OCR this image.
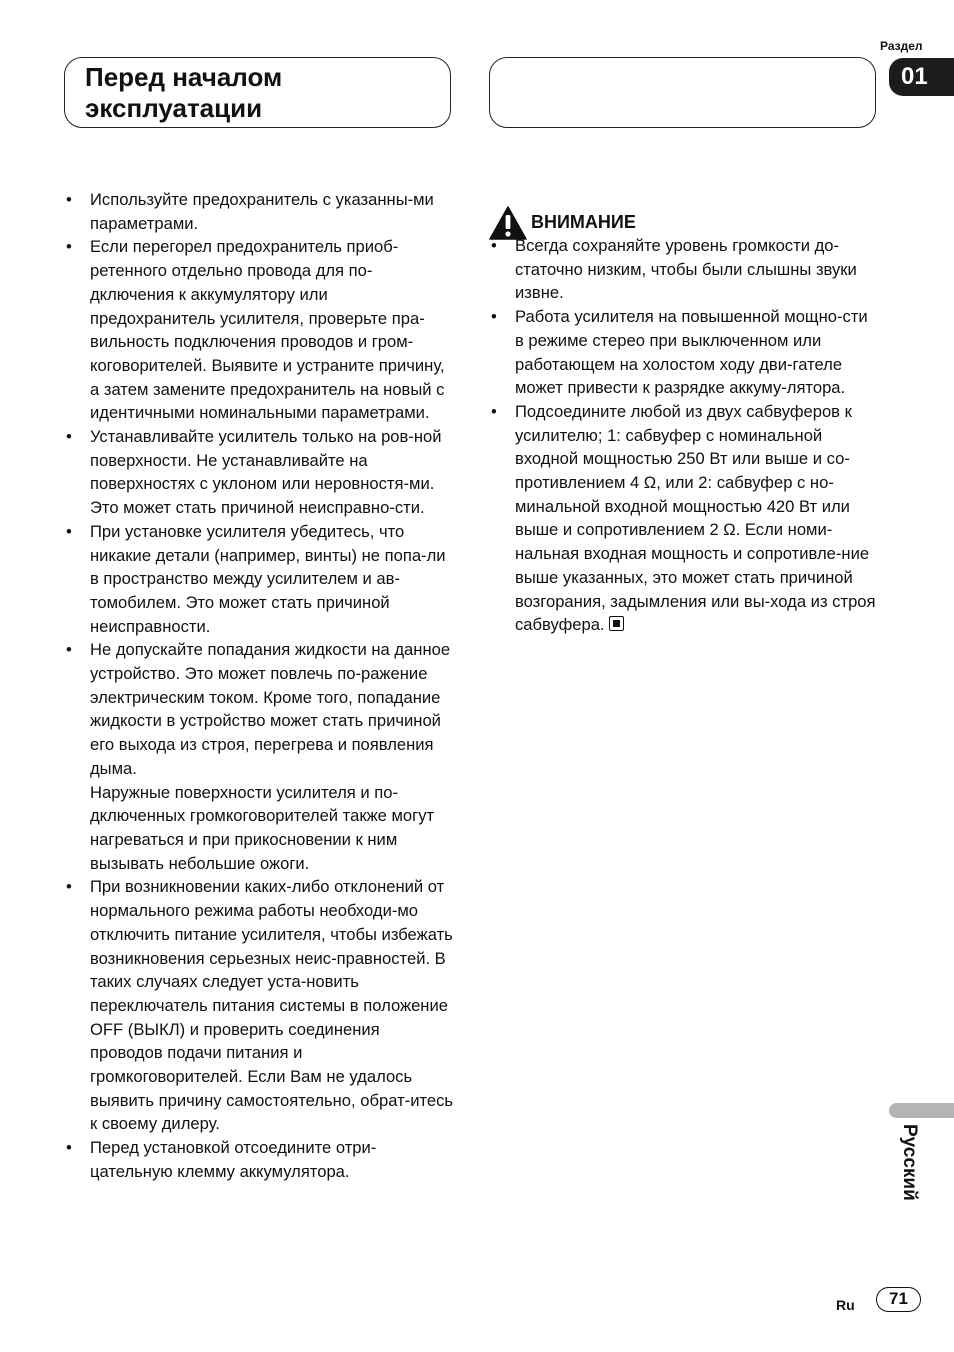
Перед началом
эксплуатации
Раздел
01
• Используйте предохранитель с указанны-ми параметрами.
• Если перегорел предохранитель приоб-ретенного отдельно провода для по-дключения к аккумулятору или предохранитель усилителя, проверьте пра-вильность подключения проводов и гром-коговорителей. Выявите и устраните причину, а затем замените предохранитель на новый с идентичными номинальными параметрами.
• Устанавливайте усилитель только на ров-ной поверхности. Не устанавливайте на поверхностях с уклоном или неровностя-ми. Это может стать причиной неисправно-сти.
• При установке усилителя убедитесь, что никакие детали (например, винты) не попа-ли в пространство между усилителем и ав-томобилем. Это может стать причиной неисправности.
• Не допускайте попадания жидкости на данное устройство. Это может повлечь по-ражение электрическим током. Кроме того, попадание жидкости в устройство может стать причиной его выхода из строя, перегрева и появления дыма.
Наружные поверхности усилителя и по-дключенных громкоговорителей также могут нагреваться и при прикосновении к ним вызывать небольшие ожоги.
• При возникновении каких-либо отклонений от нормального режима работы необходи-мо отключить питание усилителя, чтобы избежать возникновения серьезных неис-правностей. В таких случаях следует уста-новить переключатель питания системы в положение OFF (ВЫКЛ) и проверить соединения проводов подачи питания и громкоговорителей. Если Вам не удалось выявить причину самостоятельно, обрат-итесь к своему дилеру.
• Перед установкой отсоедините отри-цательную клемму аккумулятора.
ВНИМАНИЕ
• Всегда сохраняйте уровень громкости до-статочно низким, чтобы были слышны звуки извне.
• Работа усилителя на повышенной мощно-сти в режиме стерео при выключенном или работающем на холостом ходу дви-гателе может привести к разрядке аккуму-лятора.
• Подсоедините любой из двух сабвуферов к усилителю; 1: сабвуфер с номинальной входной мощностью 250 Вт или выше и со-противлением 4 Ω, или 2: сабвуфер с но-минальной входной мощностью 420 Вт или выше и сопротивлением 2 Ω. Если номи-нальная входная мощность и сопротивле-ние выше указанных, это может стать причиной возгорания, задымления или вы-хода из строя сабвуфера.
Русский
Ru	71
